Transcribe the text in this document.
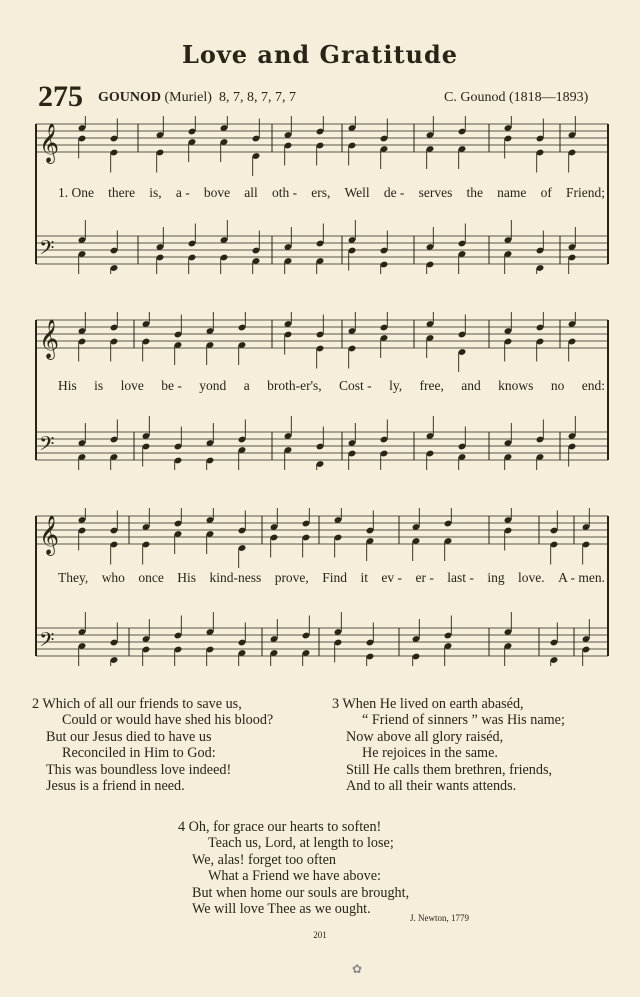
Love and Gratitude
275 GOUNOD (Muriel) 8, 7, 8, 7, 7, 7	C. Gounod (1818—1893)
𝄞
𝄢
1. One there is, a - bove all oth - ers, Well de - serves the name of Friend;
𝄞
𝄢
His is love be - yond a broth-er's, Cost - ly, free, and knows no end:
𝄞
𝄢
They, who once His kind-ness prove, Find it ev - er - last - ing love. A - men.
2 Which of all our friends to save us,
Could or would have shed his blood?
But our Jesus died to have us
Reconciled in Him to God:
This was boundless love indeed!
Jesus is a friend in need.
3 When He lived on earth abaséd,
“ Friend of sinners ” was His name;
Now above all glory raiséd,
He rejoices in the same.
Still He calls them brethren, friends,
And to all their wants attends.
4 Oh, for grace our hearts to soften!
Teach us, Lord, at length to lose;
We, alas! forget too often
What a Friend we have above:
But when home our souls are brought,
We will love Thee as we ought.
J. Newton, 1779
201
✿
